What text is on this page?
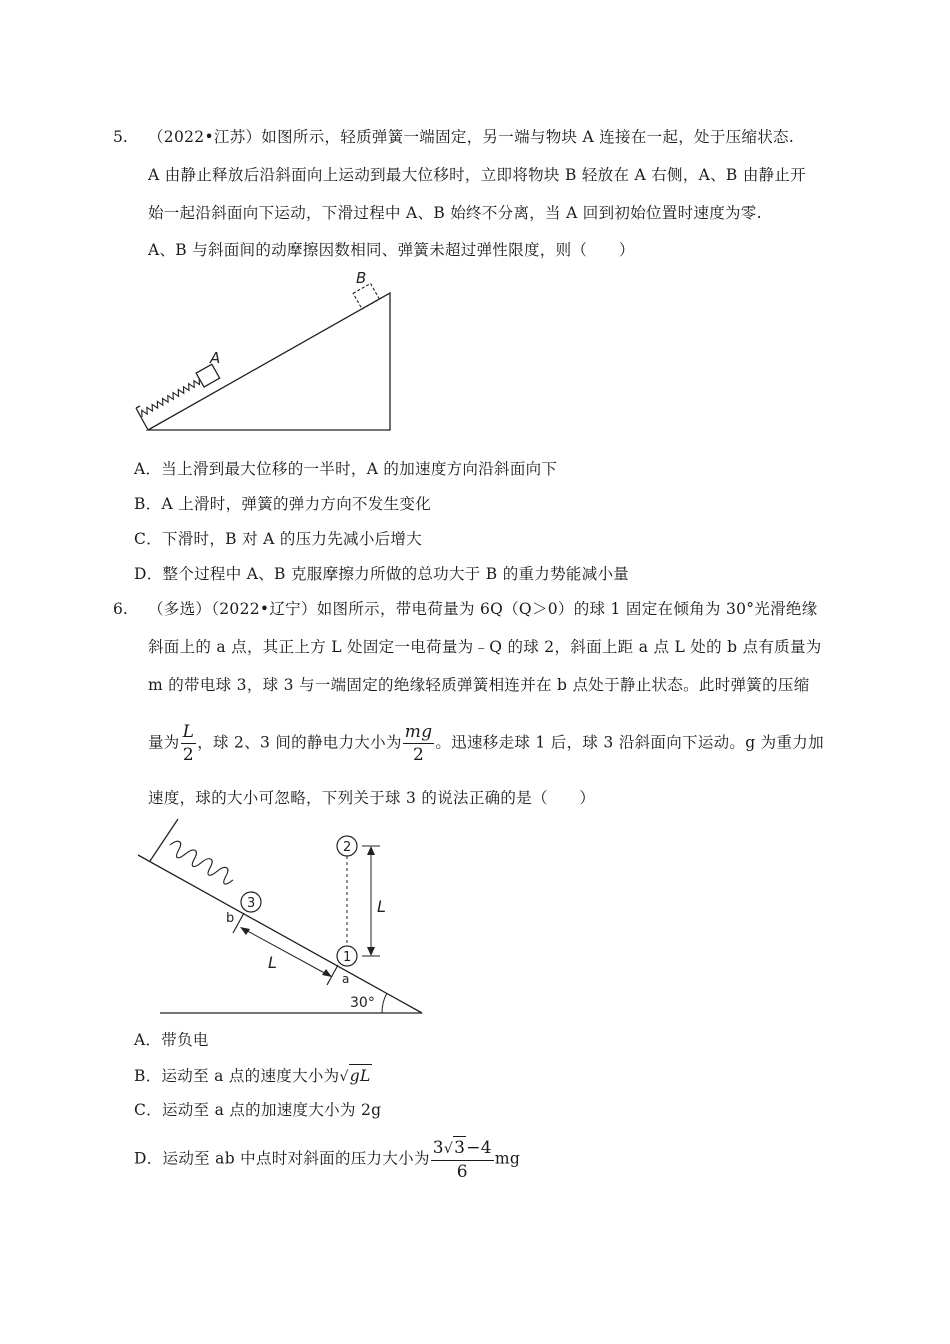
5. （2022•江苏）如图所示，轻质弹簧一端固定，另一端与物块 A 连接在一起，处于压缩状态.
A 由静止释放后沿斜面向上运动到最大位移时，立即将物块 B 轻放在 A 右侧，A、B 由静止开
始一起沿斜面向下运动，下滑过程中 A、B 始终不分离，当 A 回到初始位置时速度为零.
A、B 与斜面间的动摩擦因数相同、弹簧未超过弹性限度，则（　　）
A
B
A．当上滑到最大位移的一半时，A 的加速度方向沿斜面向下
B．A 上滑时，弹簧的弹力方向不发生变化
C．下滑时，B 对 A 的压力先减小后增大
D．整个过程中 A、B 克服摩擦力所做的总功大于 B 的重力势能减小量
6. （多选）（2022•辽宁）如图所示，带电荷量为 6Q（Q＞0）的球 1 固定在倾角为 30°光滑绝缘
斜面上的 a 点，其正上方 L 处固定一电荷量为﹣Q 的球 2，斜面上距 a 点 L 处的 b 点有质量为
m 的带电球 3，球 3 与一端固定的绝缘轻质弹簧相连并在 b 点处于静止状态。此时弹簧的压缩
量为 $\frac{L}{2}$ ，球 2、3 间的静电力大小为 $\frac{mg}{2}$ 。迅速移走球 1 后，球 3 沿斜面向下运动。g 为重力加
速度，球的大小可忽略，下列关于球 3 的说法正确的是（　　）
3
1
2
L
b
a
L
30°
A．带负电
B．运动至 a 点的速度大小为√gL
C．运动至 a 点的加速度大小为 2g
D．运动至 ab 中点时对斜面的压力大小为 $\frac{3√3-4}{6}$ mg
